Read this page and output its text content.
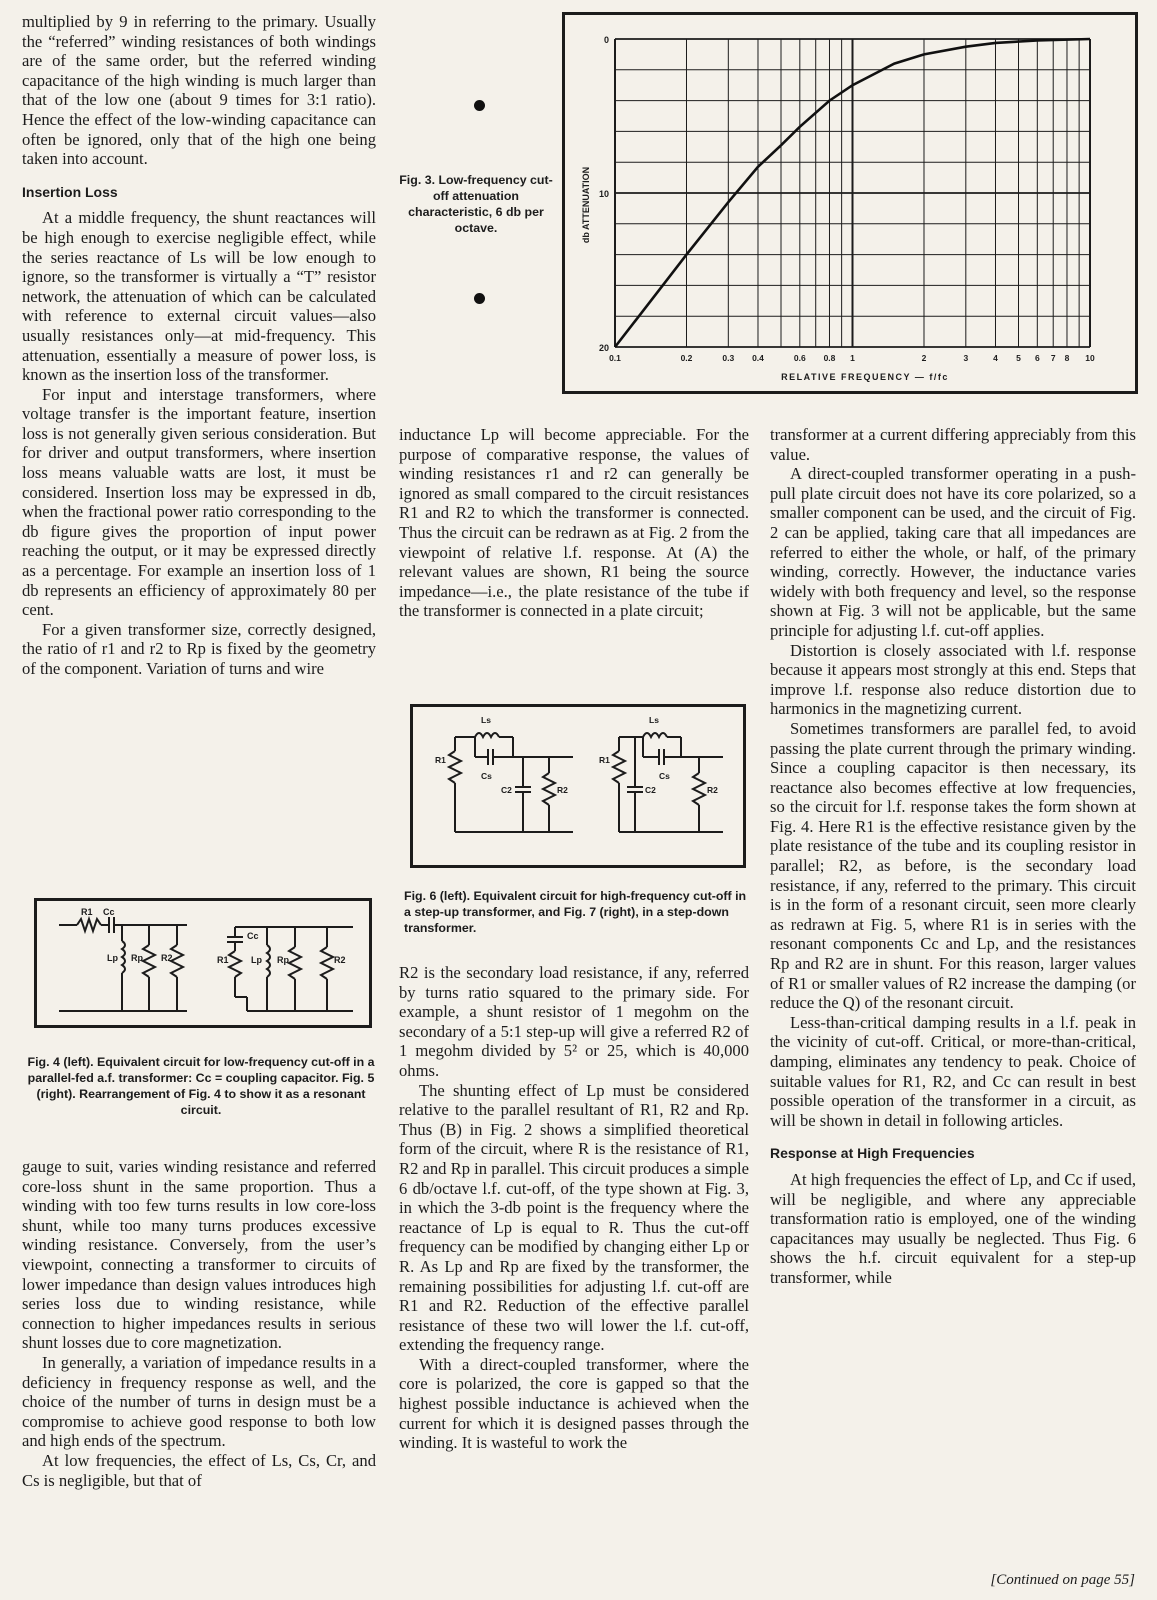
multiplied by 9 in referring to the primary. Usually the “referred” winding resistances of both windings are of the same order, but the referred winding capacitance of the high winding is much larger than that of the low one (about 9 times for 3:1 ratio). Hence the effect of the low-winding capacitance can often be ignored, only that of the high one being taken into account.

Insertion Loss

At a middle frequency, the shunt reactances will be high enough to exercise negligible effect, while the series reactance of Ls will be low enough to ignore, so the transformer is virtually a “T” resistor network, the attenuation of which can be calculated with reference to external circuit values—also usually resistances only—at mid-frequency. This attenuation, essentially a measure of power loss, is known as the insertion loss of the transformer.

For input and interstage transformers, where voltage transfer is the important feature, insertion loss is not generally given serious consideration. But for driver and output transformers, where insertion loss means valuable watts are lost, it must be considered. Insertion loss may be expressed in db, when the fractional power ratio corresponding to the db figure gives the proportion of input power reaching the output, or it may be expressed directly as a percentage. For example an insertion loss of 1 db represents an efficiency of approximately 80 per cent.

For a given transformer size, correctly designed, the ratio of r1 and r2 to Rp is fixed by the geometry of the component. Variation of turns and wire

R1 Cc
Lp Rp R2
Cc
R1 Lp Rp	R2
Fig. 4 (left). Equivalent circuit for low-frequency cut-off in a parallel-fed a.f. transformer: Cc = coupling capacitor. Fig. 5 (right). Rearrangement of Fig. 4 to show it as a resonant circuit.

gauge to suit, varies winding resistance and referred core-loss shunt in the same proportion. Thus a winding with too few turns results in low core-loss shunt, while too many turns produces excessive winding resistance. Conversely, from the user’s viewpoint, connecting a transformer to circuits of lower impedance than design values introduces high series loss due to winding resistance, while connection to higher impedances results in serious shunt losses due to core magnetization.

In generally, a variation of impedance results in a deficiency in frequency response as well, and the choice of the number of turns in design must be a compromise to achieve good response to both low and high ends of the spectrum.

At low frequencies, the effect of Ls, Cs, Cr, and Cs is negligible, but that of

Fig. 3. Low-frequency cut-off attenuation characteristic, 6 db per octave.
0.1	0.2	0.3 0.4	0.6 0.8 1	2	3	4 5 6 7 8 10
0
10
20
RELATIVE FREQUENCY — f/fc
db ATTENUATION

inductance Lp will become appreciable. For the purpose of comparative response, the values of winding resistances r1 and r2 can generally be ignored as small compared to the circuit resistances R1 and R2 to which the transformer is connected. Thus the circuit can be redrawn as at Fig. 2 from the viewpoint of relative l.f. response. At (A) the relevant values are shown, R1 being the source impedance—i.e., the plate resistance of the tube if the transformer is connected in a plate circuit;

Ls
R1
Cs
C2	R2
Ls
R1
Cs
C2	R2
Fig. 6 (left). Equivalent circuit for high-frequency cut-off in a step-up transformer, and Fig. 7 (right), in a step-down transformer.

R2 is the secondary load resistance, if any, referred by turns ratio squared to the primary side. For example, a shunt resistor of 1 megohm on the secondary of a 5:1 step-up will give a referred R2 of 1 megohm divided by 5² or 25, which is 40,000 ohms.

The shunting effect of Lp must be considered relative to the parallel resultant of R1, R2 and Rp. Thus (B) in Fig. 2 shows a simplified theoretical form of the circuit, where R is the resistance of R1, R2 and Rp in parallel. This circuit produces a simple 6 db/octave l.f. cut-off, of the type shown at Fig. 3, in which the 3-db point is the frequency where the reactance of Lp is equal to R. Thus the cut-off frequency can be modified by changing either Lp or R. As Lp and Rp are fixed by the transformer, the remaining possibilities for adjusting l.f. cut-off are R1 and R2. Reduction of the effective parallel resistance of these two will lower the l.f. cut-off, extending the frequency range.

With a direct-coupled transformer, where the core is polarized, the core is gapped so that the highest possible inductance is achieved when the current for which it is designed passes through the winding. It is wasteful to work the

transformer at a current differing appreciably from this value.

A direct-coupled transformer operating in a push-pull plate circuit does not have its core polarized, so a smaller component can be used, and the circuit of Fig. 2 can be applied, taking care that all impedances are referred to either the whole, or half, of the primary winding, correctly. However, the inductance varies widely with both frequency and level, so the response shown at Fig. 3 will not be applicable, but the same principle for adjusting l.f. cut-off applies.

Distortion is closely associated with l.f. response because it appears most strongly at this end. Steps that improve l.f. response also reduce distortion due to harmonics in the magnetizing current.

Sometimes transformers are parallel fed, to avoid passing the plate current through the primary winding. Since a coupling capacitor is then necessary, its reactance also becomes effective at low frequencies, so the circuit for l.f. response takes the form shown at Fig. 4. Here R1 is the effective resistance given by the plate resistance of the tube and its coupling resistor in parallel; R2, as before, is the secondary load resistance, if any, referred to the primary. This circuit is in the form of a resonant circuit, seen more clearly as redrawn at Fig. 5, where R1 is in series with the resonant components Cc and Lp, and the resistances Rp and R2 are in shunt. For this reason, larger values of R1 or smaller values of R2 increase the damping (or reduce the Q) of the resonant circuit.

Less-than-critical damping results in a l.f. peak in the vicinity of cut-off. Critical, or more-than-critical, damping, eliminates any tendency to peak. Choice of suitable values for R1, R2, and Cc can result in best possible operation of the transformer in a circuit, as will be shown in detail in following articles.

Response at High Frequencies

At high frequencies the effect of Lp, and Cc if used, will be negligible, and where any appreciable transformation ratio is employed, one of the winding capacitances may usually be neglected. Thus Fig. 6 shows the h.f. circuit equivalent for a step-up transformer, while

[Continued on page 55]
